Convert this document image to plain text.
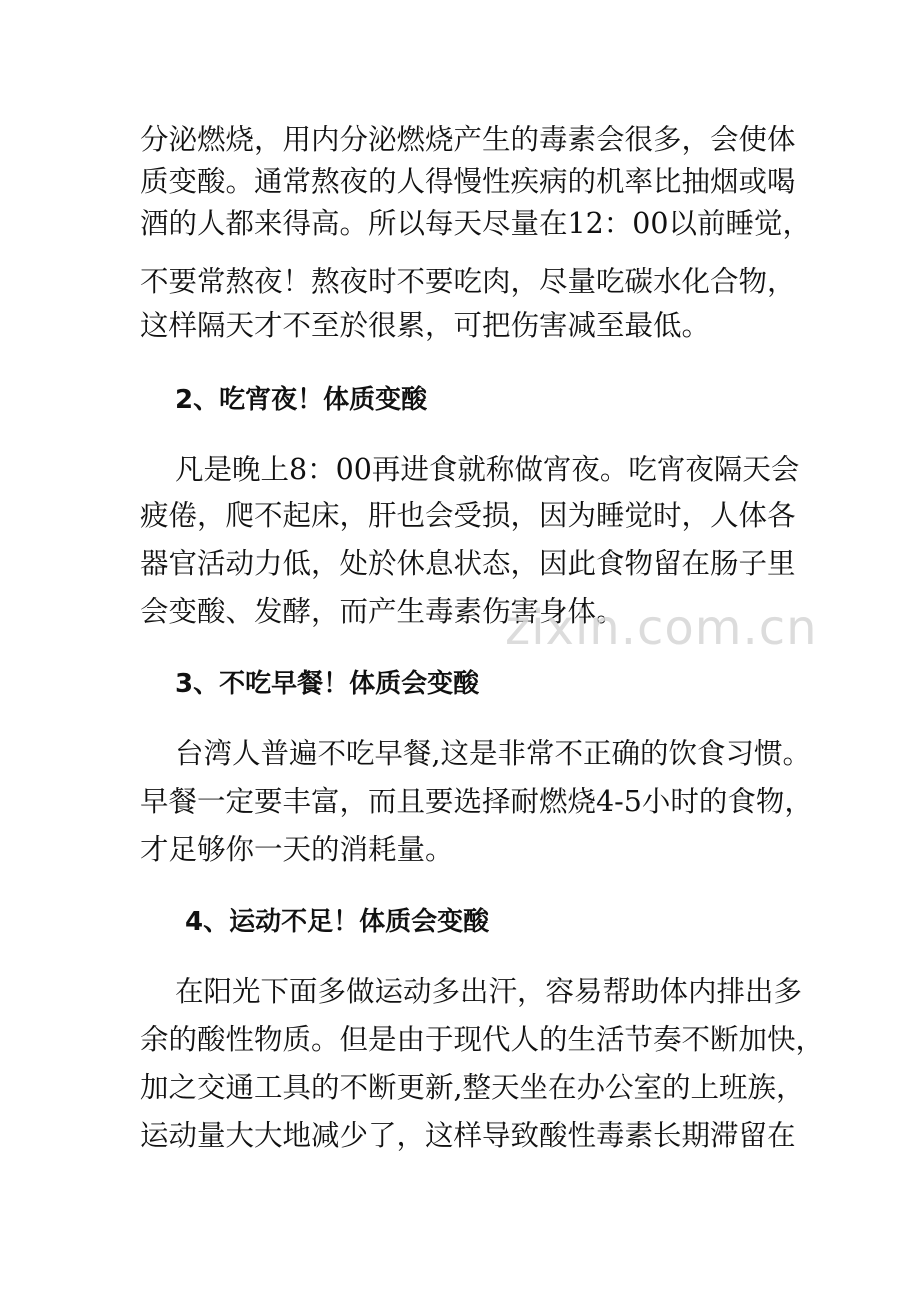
分泌燃烧，用内分泌燃烧产生的毒素会很多，会使体
质变酸。通常熬夜的人得慢性疾病的机率比抽烟或喝
酒的人都来得高。所以每天尽量在12：00以前睡觉，
不要常熬夜！熬夜时不要吃肉，尽量吃碳水化合物，
这样隔天才不至於很累，可把伤害减至最低。
2、吃宵夜！体质变酸
凡是晚上8：00再进食就称做宵夜。吃宵夜隔天会
疲倦，爬不起床，肝也会受损，因为睡觉时，人体各
器官活动力低，处於休息状态，因此食物留在肠子里
会变酸、发酵，而产生毒素伤害身体。
3、不吃早餐！体质会变酸
台湾人普遍不吃早餐,这是非常不正确的饮食习惯。
早餐一定要丰富，而且要选择耐燃烧4-5小时的食物，
才足够你一天的消耗量。
4、运动不足！体质会变酸
在阳光下面多做运动多出汗，容易帮助体内排出多
余的酸性物质。但是由于现代人的生活节奏不断加快，
加之交通工具的不断更新,整天坐在办公室的上班族，
运动量大大地减少了，这样导致酸性毒素长期滞留在
zixin.com.cn
